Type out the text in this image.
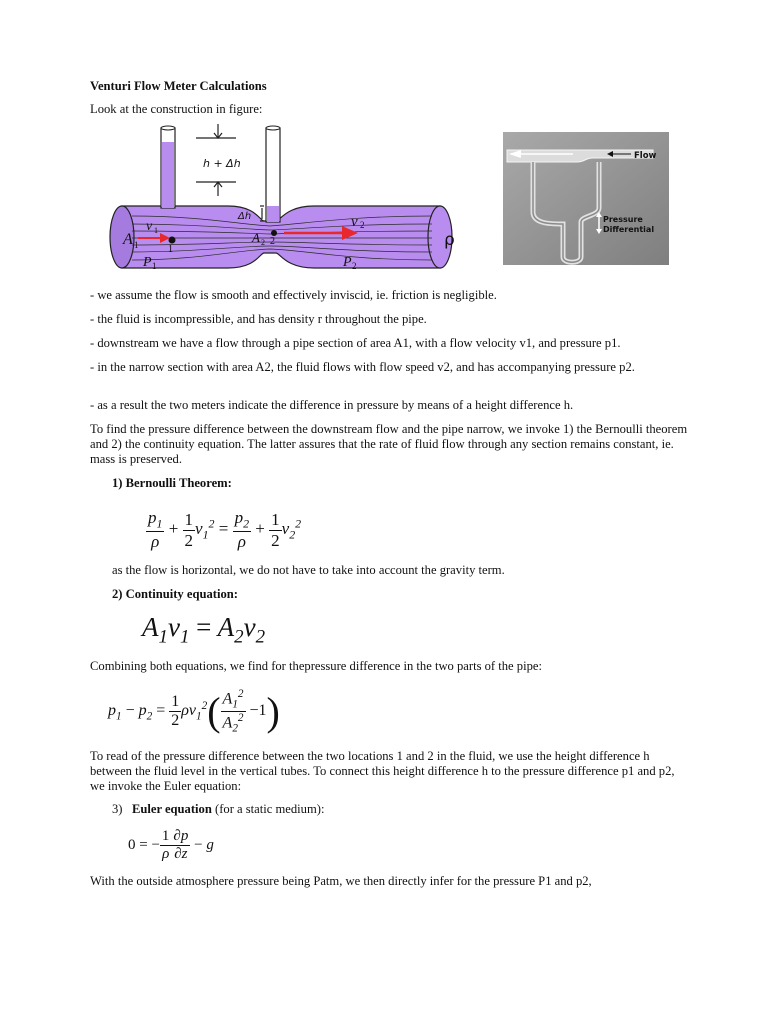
Venturi Flow Meter Calculations
Look at the construction in figure:
h + Δh
Δh
A 1
v 1
1
A 2 2
v 2
P 1	P 2
ρ
Flow
Pressure
Differential
- we assume the flow is smooth and effectively inviscid, ie. friction is negligible.
- the fluid is incompressible, and has density r throughout the pipe.
- downstream we have a flow through a pipe section of area A1, with a flow velocity v1, and pressure p1.
- in the narrow section with area A2, the fluid flows with flow speed v2, and has accompanying pressure p2.
- as a result the two meters indicate the difference in pressure by means of a height difference h.
To find the pressure difference between the downstream flow and the pipe narrow, we invoke 1) the Bernoulli theorem and 2) the continuity equation. The latter assures that the rate of fluid flow through any section remains constant, ie. mass is preserved.
1) Bernoulli Theorem:
$\frac{p_1}{\rho} + \frac{1}{2} v_1^2 = \frac{p_2}{\rho} + \frac{1}{2} v_2^2$
as the flow is horizontal, we do not have to take into account the gravity term.
2) Continuity equation:
$A_1v_1 = A_2v_2$
Combining both equations, we find for thepressure difference in the two parts of the pipe:
$p_1 - p_2 = \frac{1}{2} \rho v_1^2( \frac{A_1^2}{A_2^2} -1)$
To read of the pressure difference between the two locations 1 and 2 in the fluid, we use the height difference h between the fluid level in the vertical tubes. To connect this height difference h to the pressure difference p1 and p2, we invoke the Euler equation:
3) Euler equation (for a static medium):
0 = − $\frac{1}{\rho} \frac{\partial p}{\partial z} - g$
With the outside atmosphere pressure being Patm, we then directly infer for the pressure P1 and p2,
